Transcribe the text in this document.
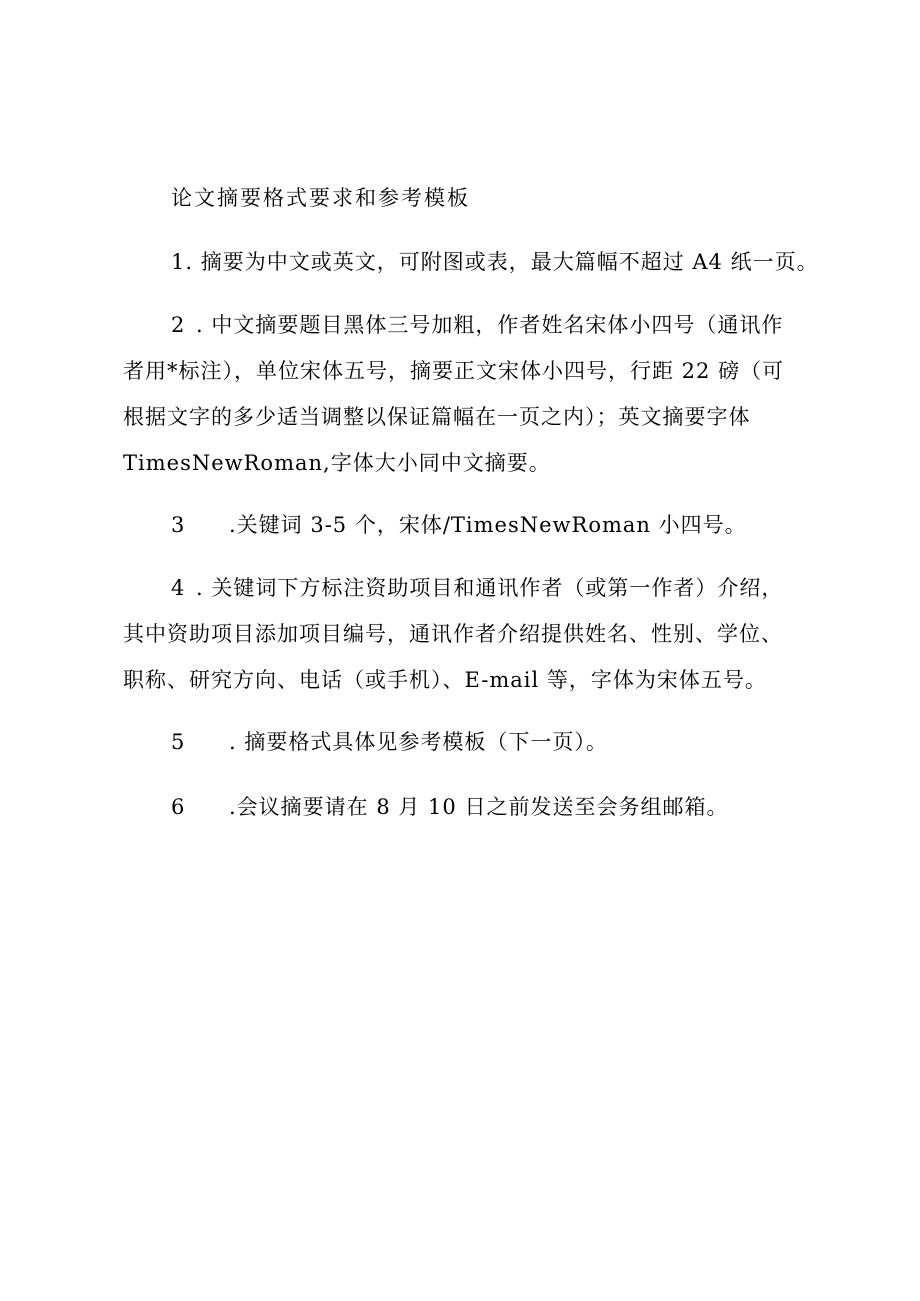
论文摘要格式要求和参考模板
1. 摘要为中文或英文，可附图或表，最大篇幅不超过 A4 纸一页。
2 . 中文摘要题目黑体三号加粗，作者姓名宋体小四号（通讯作
者用*标注），单位宋体五号，摘要正文宋体小四号，行距 22 磅（可
根据文字的多少适当调整以保证篇幅在一页之内）；英文摘要字体
TimesNewRoman,字体大小同中文摘要。
3 .关键词 3-5 个，宋体/TimesNewRoman 小四号。
4 . 关键词下方标注资助项目和通讯作者（或第一作者）介绍，
其中资助项目添加项目编号，通讯作者介绍提供姓名、性别、学位、
职称、研究方向、电话（或手机）、E-mail 等，字体为宋体五号。
5 . 摘要格式具体见参考模板（下一页）。
6 .会议摘要请在 8 月 10 日之前发送至会务组邮箱。
